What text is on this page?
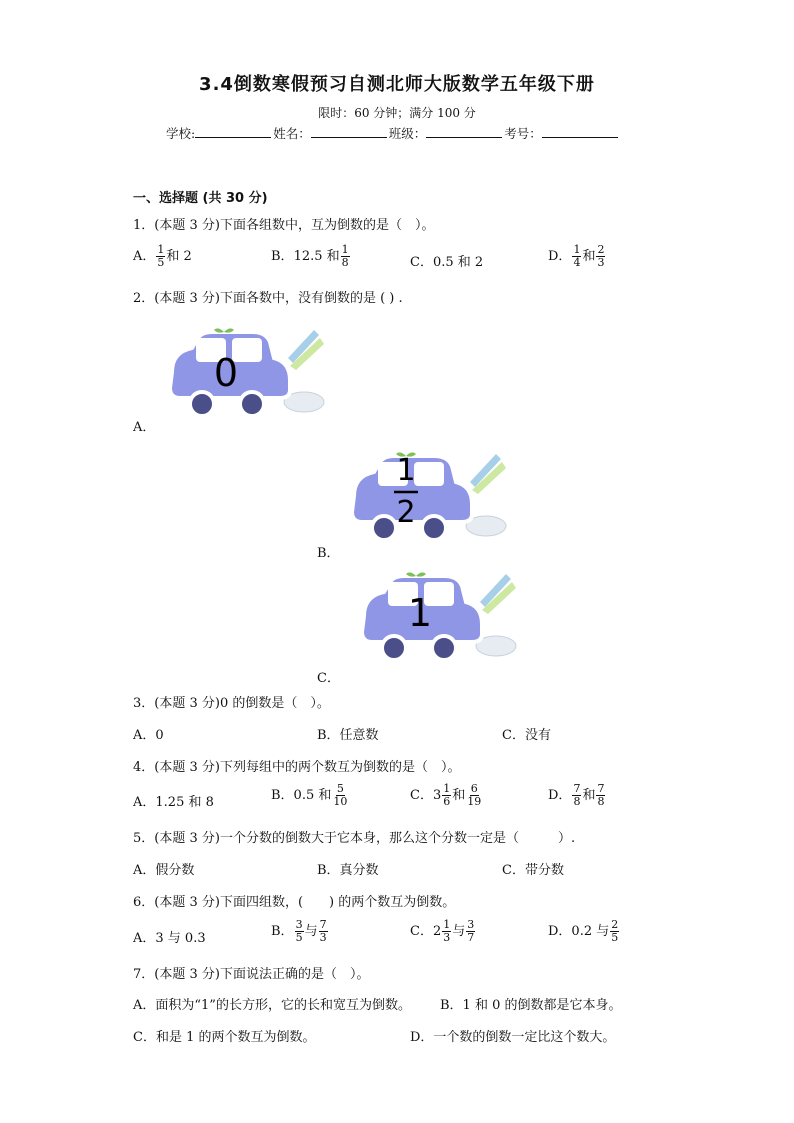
3.4倒数寒假预习自测北师大版数学五年级下册
限时：60 分钟；满分 100 分
学校:	姓名：	班级：	考号：
一、选择题 (共 30 分)
1．(本题 3 分)下面各组数中，互为倒数的是（　）。
A． $\frac{1}{5}$ 和 2	B．12.5 和 $\frac{1}{8}$	C．0.5 和 2	D． $\frac{1}{4}$ 和 $\frac{2}{3}$
2．(本题 3 分)下面各数中，没有倒数的是 ( ) .
0
A．
1
2
B．
1
C．
3．(本题 3 分)0 的倒数是（　）。
A．0	B．任意数	C．没有
4．(本题 3 分)下列每组中的两个数互为倒数的是（　）。
A．1.25 和 8	B．0.5 和 $\frac{5}{10}$	C．$3 \frac{1}{6}$ 和 $\frac{6}{19}$	D． $\frac{7}{8}$ 和 $\frac{7}{8}$
5．(本题 3 分)一个分数的倒数大于它本身，那么这个分数一定是（　　　）.
A．假分数	B．真分数	C．带分数
6．(本题 3 分)下面四组数，(　　) 的两个数互为倒数。
A．3 与 0.3	B． $\frac{3}{5}$ 与 $\frac{7}{3}$	C．$2 \frac{1}{3}$ 与 $\frac{3}{7}$	D．0.2 与 $\frac{2}{5}$
7．(本题 3 分)下面说法正确的是（　）。
A．面积为“1”的长方形，它的长和宽互为倒数。 B．1 和 0 的倒数都是它本身。
C．和是 1 的两个数互为倒数。	D．一个数的倒数一定比这个数大。
